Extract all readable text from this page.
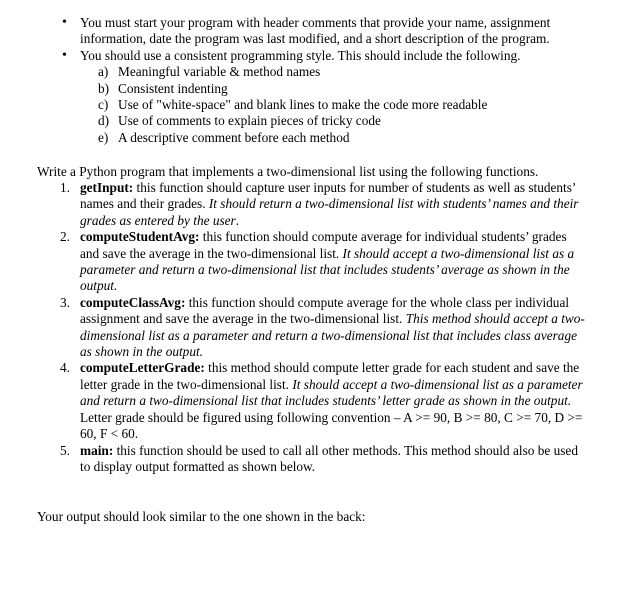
• You must start your program with header comments that provide your name, assignment information, date the program was last modified, and a short description of the program.
• You should use a consistent programming style. This should include the following.
a) Meaningful variable & method names
b) Consistent indenting
c) Use of "white-space" and blank lines to make the code more readable
d) Use of comments to explain pieces of tricky code
e) A descriptive comment before each method

Write a Python program that implements a two-dimensional list using the following functions.

1. getInput: this function should capture user inputs for number of students as well as students’ names and their grades. It should return a two-dimensional list with students’ names and their grades as entered by the user.
2. computeStudentAvg: this function should compute average for individual students’ grades and save the average in the two-dimensional list. It should accept a two-dimensional list as a parameter and return a two-dimensional list that includes students’ average as shown in the output.
3. computeClassAvg: this function should compute average for the whole class per individual assignment and save the average in the two-dimensional list. This method should accept a two-dimensional list as a parameter and return a two-dimensional list that includes class average as shown in the output.
4. computeLetterGrade: this method should compute letter grade for each student and save the letter grade in the two-dimensional list. It should accept a two-dimensional list as a parameter and return a two-dimensional list that includes students’ letter grade as shown in the output.
Letter grade should be figured using following convention – A >= 90, B >= 80, C >= 70, D >= 60, F < 60.
5. main: this function should be used to call all other methods. This method should also be used to display output formatted as shown below.

Your output should look similar to the one shown in the back:
